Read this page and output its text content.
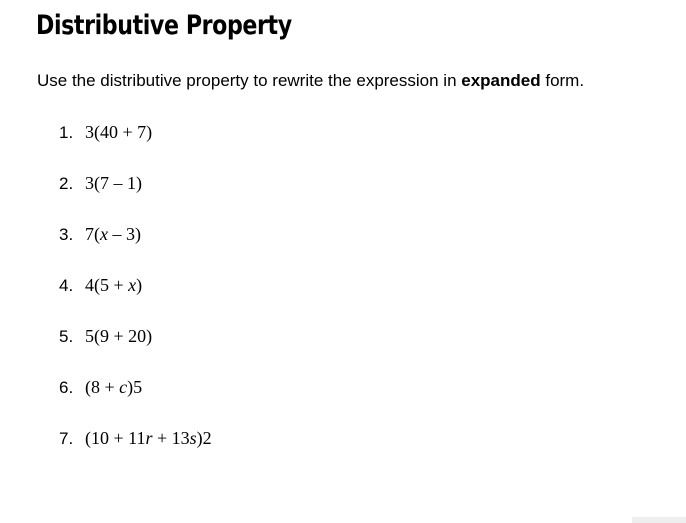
Distributive Property

Use the distributive property to rewrite the expression in expanded form.

1. 3(40 + 7)
2. 3(7 – 1)
3. 7(x – 3)
4. 4(5 + x)
5. 5(9 + 20)
6. (8 + c)5
7. (10 + 11r + 13s)2
